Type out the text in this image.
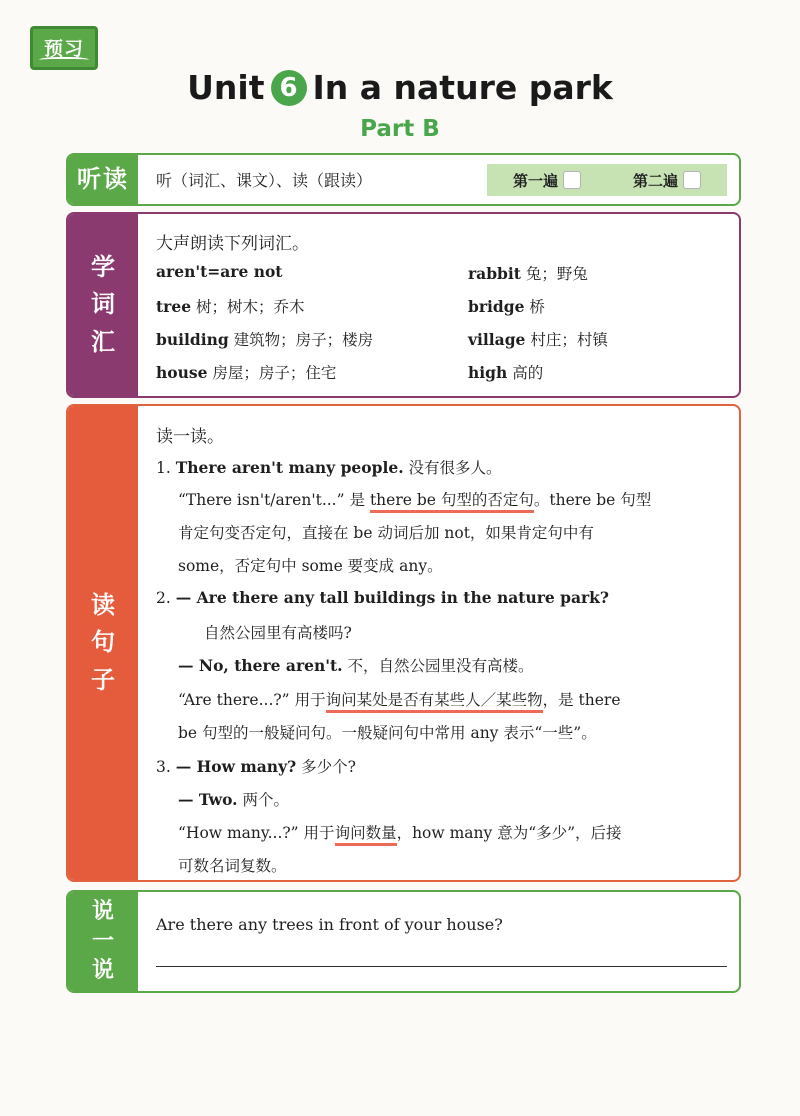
预习
Unit 6 In a nature park
Part B
听读	听（词汇、课文）、读（跟读）	第一遍	第二遍
学词汇
大声朗读下列词汇。
aren't=are not	rabbit 兔；野兔
tree 树；树木；乔木	bridge 桥
building 建筑物；房子；楼房	village 村庄；村镇
house 房屋；房子；住宅	high 高的
读句子
读一读。
1. There aren't many people. 没有很多人。
“There isn't/aren't...” 是 there be 句型的否定句。there be 句型
肯定句变否定句，直接在 be 动词后加 not，如果肯定句中有
some，否定句中 some 要变成 any。
2. — Are there any tall buildings in the nature park?
自然公园里有高楼吗?
— No, there aren't. 不，自然公园里没有高楼。
“Are there...?” 用于询问某处是否有某些人／某些物，是 there
be 句型的一般疑问句。一般疑问句中常用 any 表示“一些”。
3. — How many? 多少个?
— Two. 两个。
“How many...?” 用于询问数量，how many 意为“多少”，后接
可数名词复数。
说一说
Are there any trees in front of your house?
